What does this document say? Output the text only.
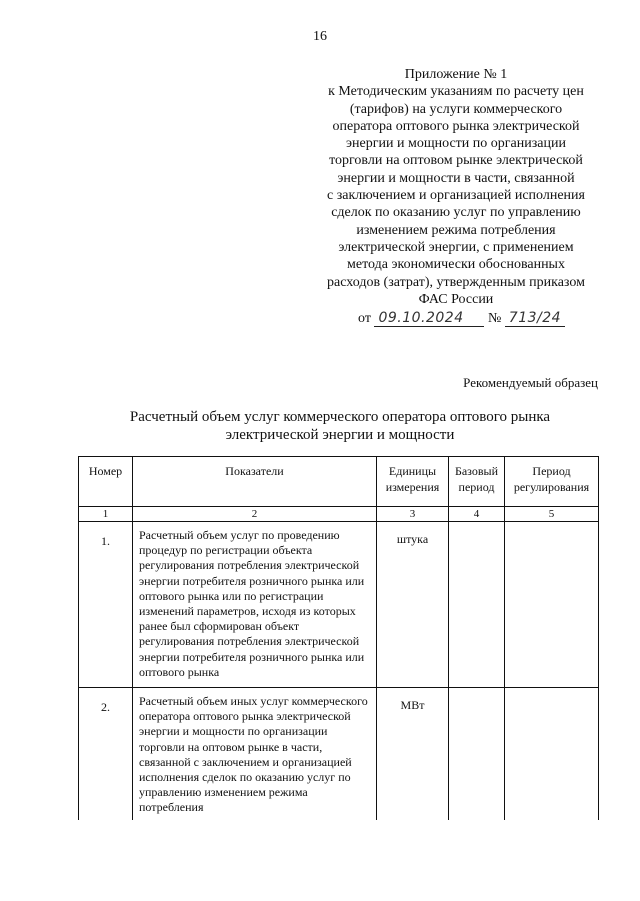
16
Приложение № 1
к Методическим указаниям по расчету цен
(тарифов) на услуги коммерческого
оператора оптового рынка электрической
энергии и мощности по организации
торговли на оптовом рынке электрической
энергии и мощности в части, связанной
с заключением и организацией исполнения
сделок по оказанию услуг по управлению
изменением режима потребления
электрической энергии, с применением
метода экономически обоснованных
расходов (затрат), утвержденным приказом
ФАС России
от 09.10.2024 № 713/24
Рекомендуемый образец
Расчетный объем услуг коммерческого оператора оптового рынка
электрической энергии и мощности
Номер	Показатели	Единицы измерения	Базовый период	Период регулирования
1	2	3	4	5
1.	Расчетный объем услуг по проведению процедур по регистрации объекта регулирования потребления электрической энергии потребителя розничного рынка или оптового рынка или по регистрации изменений параметров, исходя из которых ранее был сформирован объект регулирования потребления электрической энергии потребителя розничного рынка или оптового рынка	штука		
2.	Расчетный объем иных услуг коммерческого оператора оптового рынка электрической энергии и мощности по организации торговли на оптовом рынке в части, связанной с заключением и организацией исполнения сделок по оказанию услуг по управлению изменением режима потребления	МВт		
